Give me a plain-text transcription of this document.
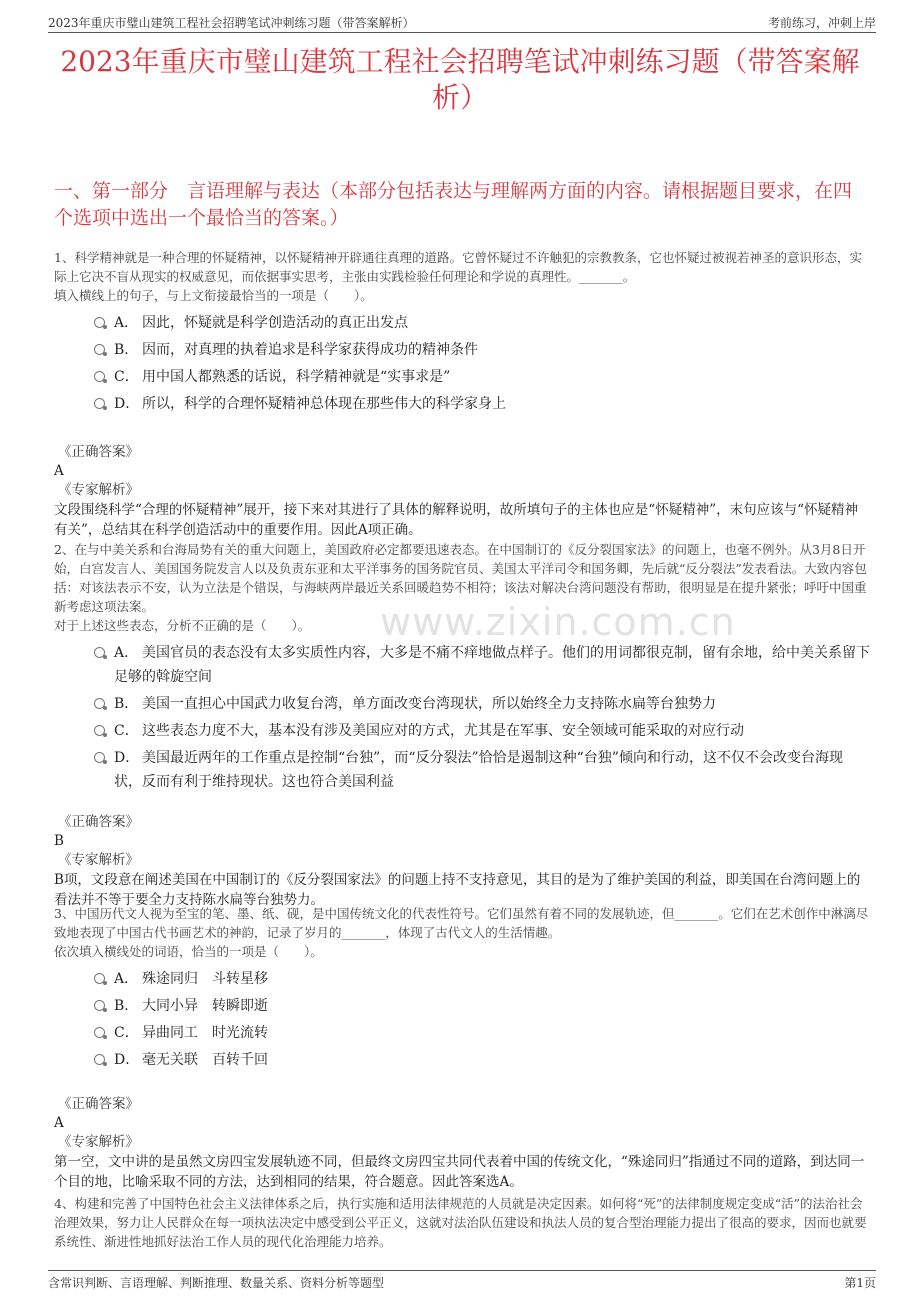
2023年重庆市璧山建筑工程社会招聘笔试冲刺练习题（带答案解析）	考前练习，冲刺上岸
2023年重庆市璧山建筑工程社会招聘笔试冲刺练习题（带答案解析）
一、第一部分　言语理解与表达（本部分包括表达与理解两方面的内容。请根据题目要求，在四个选项中选出一个最恰当的答案。）
www.zixin.com.cn
1、科学精神就是一种合理的怀疑精神，以怀疑精神开辟通往真理的道路。它曾怀疑过不许触犯的宗教教条，它也怀疑过被视若神圣的意识形态，实际上它决不盲从现实的权威意见，而依据事实思考，主张由实践检验任何理论和学说的真理性。_______。
填入横线上的句子，与上文衔接最恰当的一项是（　　）。
A． 因此，怀疑就是科学创造活动的真正出发点
B． 因而，对真理的执着追求是科学家获得成功的精神条件
C． 用中国人都熟悉的话说，科学精神就是“实事求是”
D． 所以，科学的合理怀疑精神总体现在那些伟大的科学家身上
《正确答案》
A
《专家解析》
文段围绕科学“合理的怀疑精神”展开，接下来对其进行了具体的解释说明，故所填句子的主体也应是“怀疑精神”，末句应该与“怀疑精神有关”，总结其在科学创造活动中的重要作用。因此A项正确。
2、在与中美关系和台海局势有关的重大问题上，美国政府必定都要迅速表态。在中国制订的《反分裂国家法》的问题上，也毫不例外。从3月8日开始，白宫发言人、美国国务院发言人以及负责东亚和太平洋事务的国务院官员、美国太平洋司令和国务卿，先后就“反分裂法”发表看法。大致内容包括：对该法表示不安，认为立法是个错误，与海峡两岸最近关系回暖趋势不相符；该法对解决台湾问题没有帮助，很明显是在提升紧张；呼吁中国重新考虑这项法案。
对于上述这些表态，分析不正确的是（　　）。
A． 美国官员的表态没有太多实质性内容，大多是不痛不痒地做点样子。他们的用词都很克制，留有余地，给中美关系留下足够的斡旋空间
B． 美国一直担心中国武力收复台湾，单方面改变台湾现状，所以始终全力支持陈水扁等台独势力
C． 这些表态力度不大，基本没有涉及美国应对的方式，尤其是在军事、安全领域可能采取的对应行动
D． 美国最近两年的工作重点是控制“台独”，而“反分裂法”恰恰是遏制这种“台独”倾向和行动，这不仅不会改变台海现状，反而有利于维持现状。这也符合美国利益
《正确答案》
B
《专家解析》
B项，文段意在阐述美国在中国制订的《反分裂国家法》的问题上持不支持意见，其目的是为了维护美国的利益，即美国在台湾问题上的看法并不等于要全力支持陈水扁等台独势力。
3、中国历代文人视为至宝的笔、墨、纸、砚，是中国传统文化的代表性符号。它们虽然有着不同的发展轨迹，但_______。它们在艺术创作中淋漓尽致地表现了中国古代书画艺术的神韵，记录了岁月的_______，体现了古代文人的生活情趣。
依次填入横线处的词语，恰当的一项是（　　）。
A． 殊途同归　斗转星移
B． 大同小异　转瞬即逝
C． 异曲同工　时光流转
D． 毫无关联　百转千回
《正确答案》
A
《专家解析》
第一空，文中讲的是虽然文房四宝发展轨迹不同，但最终文房四宝共同代表着中国的传统文化，“殊途同归”指通过不同的道路，到达同一个目的地，比喻采取不同的方法，达到相同的结果，符合题意。因此答案选A。
4、构建和完善了中国特色社会主义法律体系之后，执行实施和适用法律规范的人员就是决定因素。如何将“死”的法律制度规定变成“活”的法治社会治理效果，努力让人民群众在每一项执法决定中感受到公平正义，这就对法治队伍建设和执法人员的复合型治理能力提出了很高的要求，因而也就要系统性、渐进性地抓好法治工作人员的现代化治理能力培养。
含常识判断、言语理解、判断推理、数量关系、资料分析等题型	第1页
